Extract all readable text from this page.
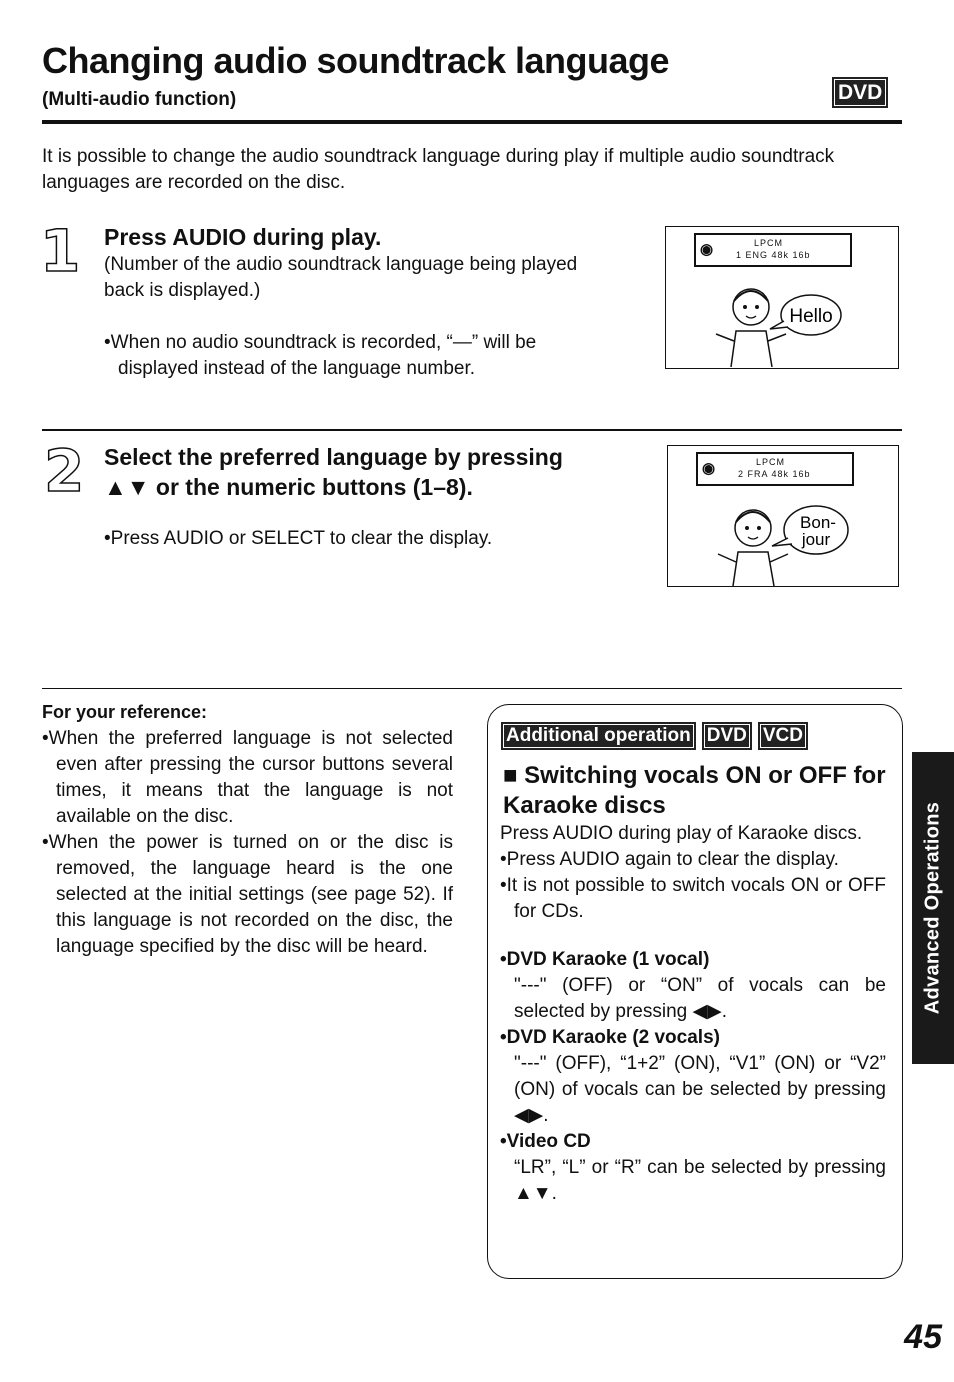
Changing audio soundtrack language
(Multi-audio function)	DVD
It is possible to change the audio soundtrack language during play if multiple audio soundtrack languages are recorded on the disc.
1 Press AUDIO during play.
(Number of the audio soundtrack language being played back is displayed.)
•When no audio soundtrack is recorded, “—” will be displayed instead of the language number.
◉	LPCM
1 ENG 48k 16b
Hello
2 Select the preferred language by pressing ▲▼ or the numeric buttons (1–8).
•Press AUDIO or SELECT to clear the display.
◉	LPCM
2 FRA 48k 16b
Bon-
jour
For your reference:
•When the preferred language is not selected even after pressing the cursor buttons several times, it means that the language is not available on the disc.
•When the power is turned on or the disc is removed, the language heard is the one selected at the initial settings (see page 52). If this language is not recorded on the disc, the language specified by the disc will be heard.
Additional operation DVD VCD
■ Switching vocals ON or OFF for Karaoke discs

Press AUDIO during play of Karaoke discs.

•Press AUDIO again to clear the display.

•It is not possible to switch vocals ON or OFF for CDs.

•DVD Karaoke (1 vocal)

"---" (OFF) or “ON” of vocals can be selected by pressing ◀▶.

•DVD Karaoke (2 vocals)

"---" (OFF), “1+2” (ON), “V1” (ON) or “V2” (ON) of vocals can be selected by pressing ◀▶.

•Video CD

“LR”, “L” or “R” can be selected by pressing ▲▼.

Advanced Operations
45
